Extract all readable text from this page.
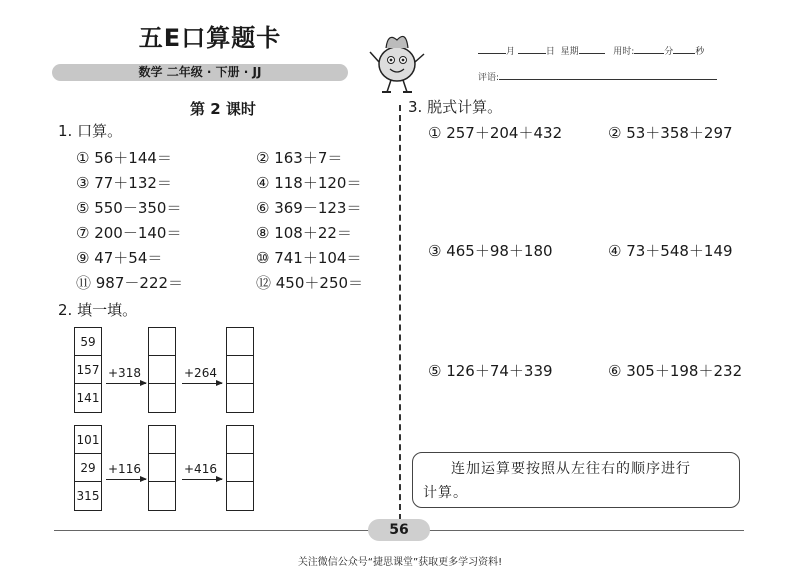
五E口算题卡
数学 二年级 · 下册 · JJ
月	日 星期	用时:	分 秒
评语:
第 2 课时
1. 口算。
① 56＋144＝	② 163＋7＝
③ 77＋132＝	④ 118＋120＝
⑤ 550－350＝	⑥ 369－123＝
⑦ 200－140＝	⑧ 108＋22＝
⑨ 47＋54＝	⑩ 741＋104＝
⑪ 987－222＝	⑫ 450＋250＝
2. 填一填。
59
157
141
+318	+264
101
29
315
+116	+416
3. 脱式计算。
① 257＋204＋432	② 53＋358＋297
③ 465＋98＋180	④ 73＋548＋149
⑤ 126＋74＋339	⑥ 305＋198＋232
连加运算要按照从左往右的顺序进行
计算。
56
关注微信公众号“捷思课堂”获取更多学习资料!
